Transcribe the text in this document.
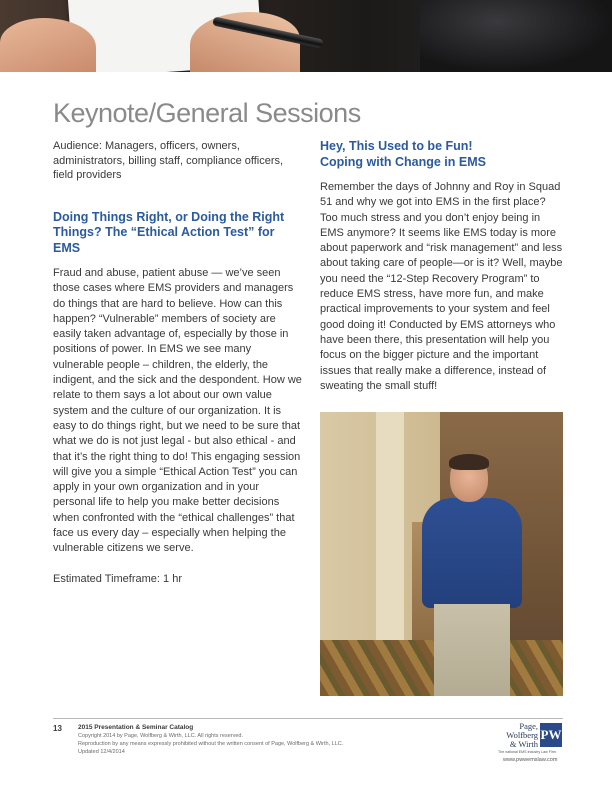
Keynote/General Sessions

Audience: Managers, officers, owners, administrators, billing staff, compliance officers, field providers

Doing Things Right, or Doing the Right Things? The “Ethical Action Test” for EMS

Fraud and abuse, patient abuse — we’ve seen those cases where EMS providers and managers do things that are hard to believe. How can this happen? “Vulnerable” members of society are easily taken advantage of, especially by those in positions of power. In EMS we see many vulnerable people – children, the elderly, the indigent, and the sick and the despondent. How we relate to them says a lot about our own value system and the culture of our organization. It is easy to do things right, but we need to be sure that what we do is not just legal - but also ethical - and that it’s the right thing to do! This engaging session will give you a simple “Ethical Action Test” you can apply in your own organization and in your personal life to help you make better decisions when confronted with the “ethical challenges” that face us every day – especially when helping the vulnerable citizens we serve.

Estimated Timeframe: 1 hr

Hey, This Used to be Fun!
Coping with Change in EMS

Remember the days of Johnny and Roy in Squad 51 and why we got into EMS in the first place? Too much stress and you don’t enjoy being in EMS anymore? It seems like EMS today is more about paperwork and “risk management” and less about taking care of people—or is it? Well, maybe you need the “12-Step Recovery Program” to reduce EMS stress, have more fun, and make practical improvements to your system and feel good doing it! Conducted by EMS attorneys who have been there, this presentation will help you focus on the bigger picture and the important issues that really make a difference, instead of sweating the small stuff!

13 2015 Presentation & Seminar Catalog
Copyright 2014 by Page, Wolfberg & Wirth, LLC. All rights reserved.
Reproduction by any means expressly prohibited without the written consent of Page, Wolfberg & Wirth, LLC.
Updated 12/4/2014
Page,
Wolfberg
& Wirth
PW
The national EMS industry Law Firm
www.pwwemslaw.com
